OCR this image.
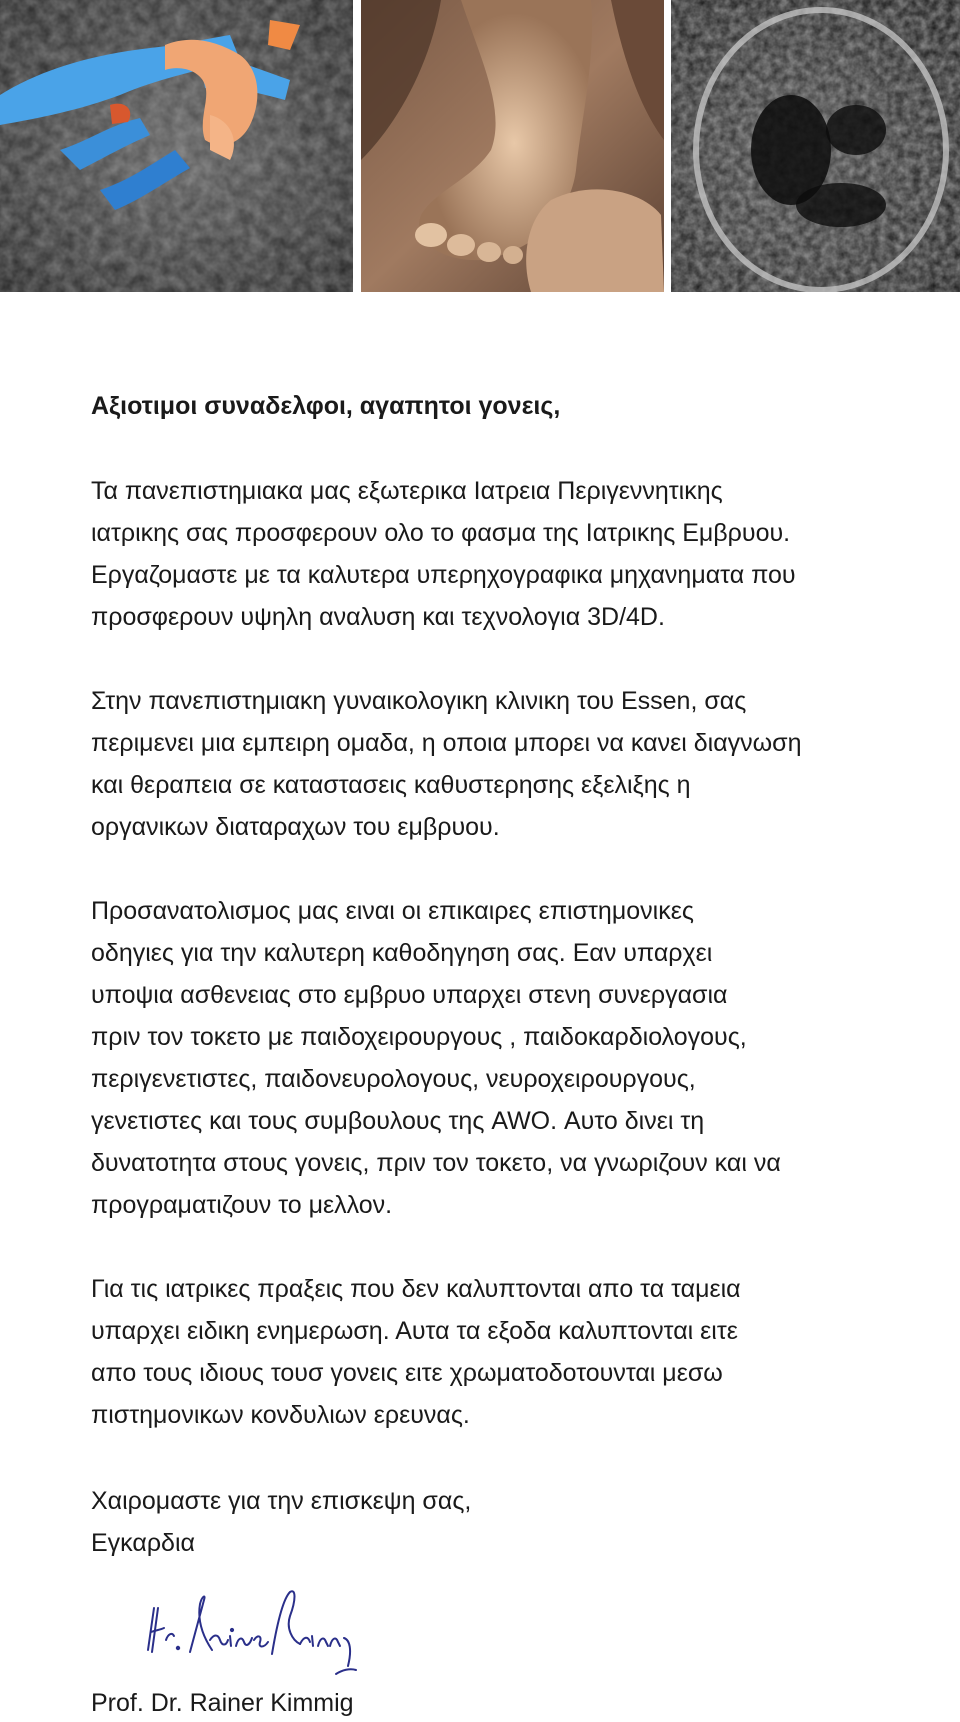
Αξιοτιμοι συναδελφοι, αγαπητοι γονεις,

Τα πανεπιστημιακα μας εξωτερικα Ιατρεια Περιγεννητικης
ιατρικης σας προσφερουν ολο το φασμα της Ιατρικης Εμβρυου.
Εργαζομαστε με τα καλυτερα υπερηχογραφικα μηχανηματα που
προσφερουν υψηλη αναλυση και τεχνολογια 3D/4D.

Στην πανεπιστημιακη γυναικολογικη κλινικη του Essen, σας
περιμενει μια εμπειρη ομαδα, η οποια μπορει να κανει διαγνωση
και θεραπεια σε καταστασεις καθυστερησης εξελιξης η
οργανικων διαταραχων του εμβρυου.

Προσανατολισμος μας ειναι οι επικαιρες επιστημονικες
οδηγιες για την καλυτερη καθοδηγηση σας. Εαν υπαρχει
υποψια ασθενειας στο εμβρυο υπαρχει στενη συνεργασια
πριν τον τοκετο με παιδοχειρουργους , παιδοκαρδιολογους,
περιγενετιστες, παιδονευρολογους, νευροχειρουργους,
γενετιστες και τους συμβουλους της AWO. Αυτο δινει τη
δυνατοτητα στους γονεις, πριν τον τοκετο, να γνωριζουν και να
προγραματιζουν το μελλον.

Για τις ιατρικες πραξεις που δεν καλυπτονται απο τα ταμεια
υπαρχει ειδικη ενημερωση. Αυτα τα εξοδα καλυπτονται ειτε
απο τους ιδιους τουσ γονεις ειτε χρωματοδοτουνται μεσω
πιστημονικων κονδυλιων ερευνας.

Χαιρομαστε για την επισκεψη σας,
Εγκαρδια

Prof. Dr. Rainer Kimmig
